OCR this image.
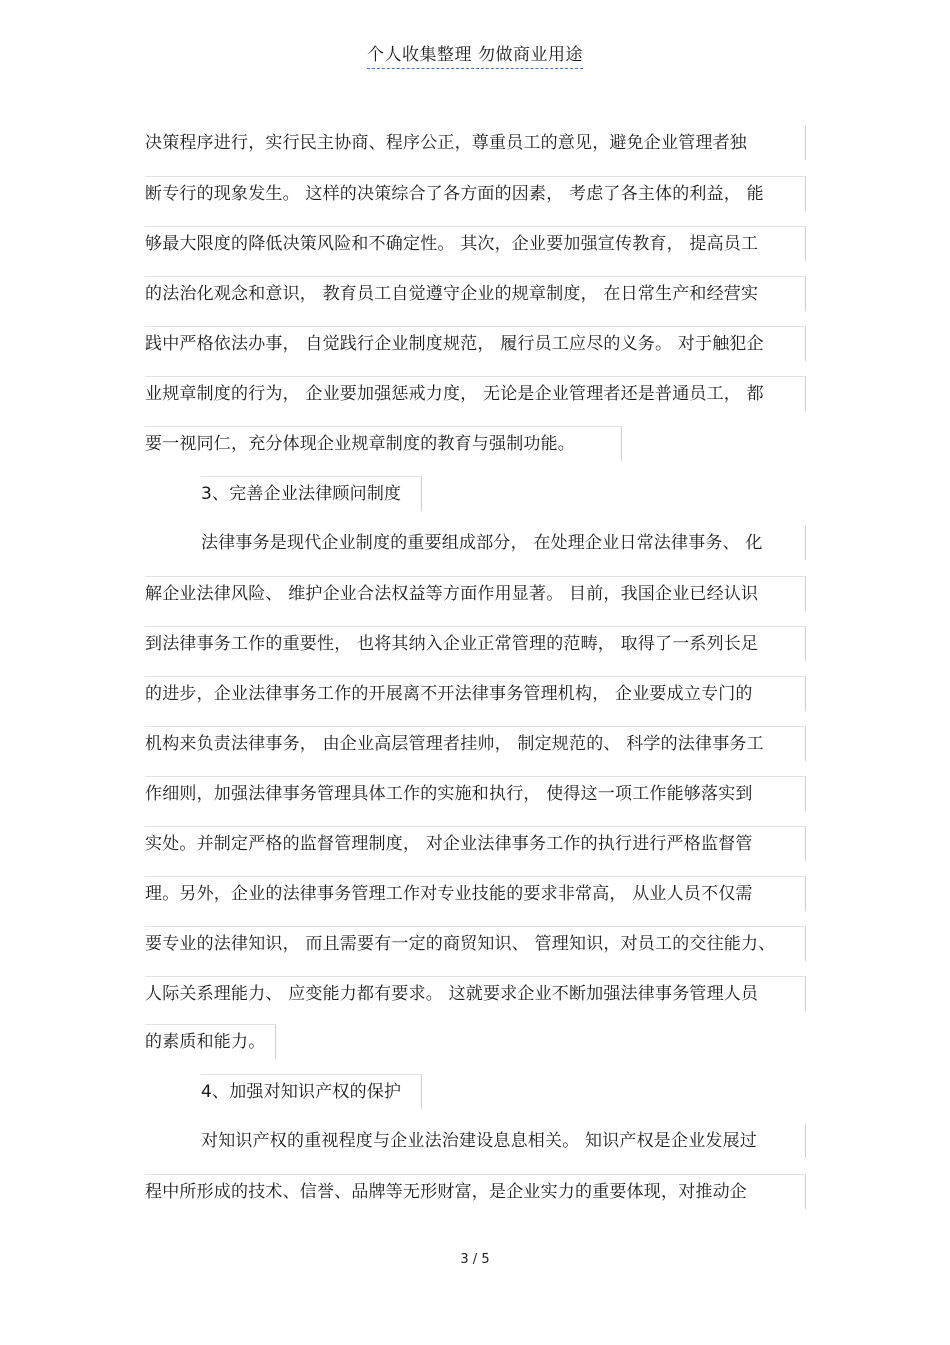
个人收集整理 勿做商业用途
决策程序进行，实行民主协商、程序公正，尊重员工的意见，避免企业管理者独
断专行的现象发生。 这样的决策综合了各方面的因素， 考虑了各主体的利益， 能
够最大限度的降低决策风险和不确定性。 其次，企业要加强宣传教育， 提高员工
的法治化观念和意识， 教育员工自觉遵守企业的规章制度， 在日常生产和经营实
践中严格依法办事， 自觉践行企业制度规范， 履行员工应尽的义务。 对于触犯企
业规章制度的行为， 企业要加强惩戒力度， 无论是企业管理者还是普通员工， 都
要一视同仁，充分体现企业规章制度的教育与强制功能。
3、完善企业法律顾问制度
法律事务是现代企业制度的重要组成部分， 在处理企业日常法律事务、 化
解企业法律风险、 维护企业合法权益等方面作用显著。 目前，我国企业已经认识
到法律事务工作的重要性， 也将其纳入企业正常管理的范畴， 取得了一系列长足
的进步，企业法律事务工作的开展离不开法律事务管理机构， 企业要成立专门的
机构来负责法律事务， 由企业高层管理者挂帅， 制定规范的、 科学的法律事务工
作细则，加强法律事务管理具体工作的实施和执行， 使得这一项工作能够落实到
实处。并制定严格的监督管理制度， 对企业法律事务工作的执行进行严格监督管
理。另外，企业的法律事务管理工作对专业技能的要求非常高， 从业人员不仅需
要专业的法律知识， 而且需要有一定的商贸知识、 管理知识，对员工的交往能力、
人际关系理能力、 应变能力都有要求。 这就要求企业不断加强法律事务管理人员
的素质和能力。
4、加强对知识产权的保护
对知识产权的重视程度与企业法治建设息息相关。 知识产权是企业发展过
程中所形成的技术、信誉、品牌等无形财富，是企业实力的重要体现，对推动企
3 / 5
